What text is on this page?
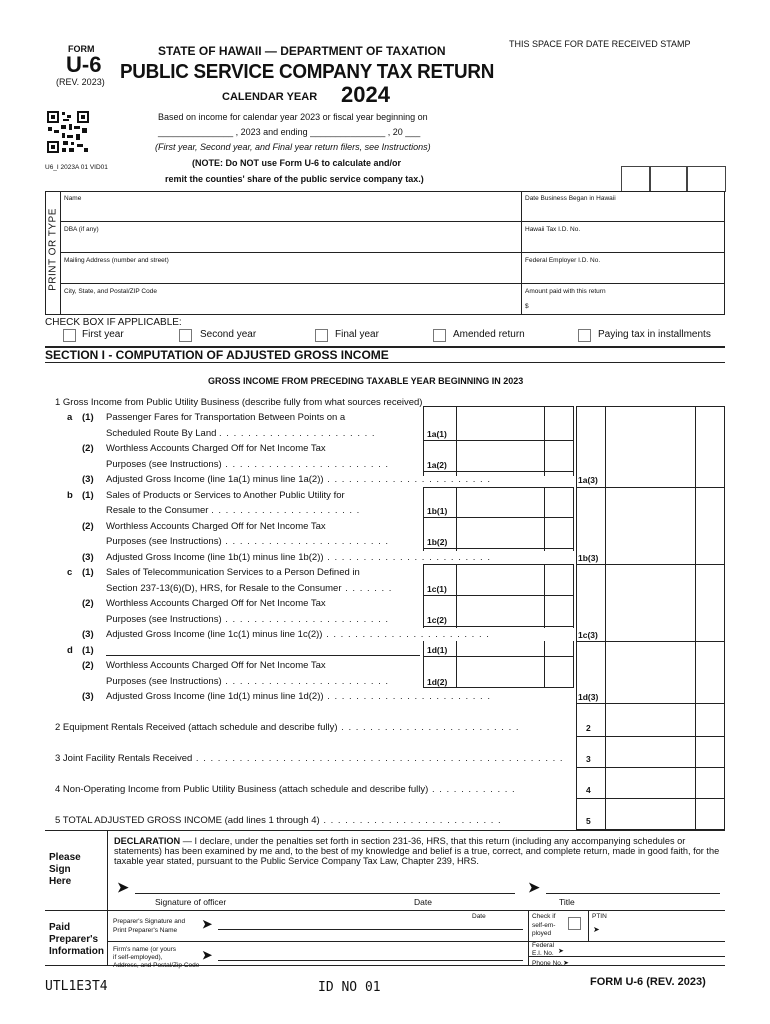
FORM
U-6
(REV. 2023)
STATE OF HAWAII — DEPARTMENT OF TAXATION
PUBLIC SERVICE COMPANY TAX RETURN
CALENDAR YEAR 2024
Based on income for calendar year 2023 or fiscal year beginning on
_______________ , 2023 and ending _______________ , 20 ___
(First year, Second year, and Final year return filers, see Instructions)
(NOTE: Do NOT use Form U-6 to calculate and/or
remit the counties' share of the public service company tax.)
U6_I 2023A 01 VID01
THIS SPACE FOR DATE RECEIVED STAMP
PRINT OR TYPE
Name	Date Business Began in Hawaii
DBA (if any)	Hawaii Tax I.D. No.
Mailing Address (number and street)	Federal Employer I.D. No.
City, State, and Postal/ZIP Code	Amount paid with this return
$
CHECK BOX IF APPLICABLE:
First year	Second year	Final year	Amended return	Paying tax in installments
SECTION I - COMPUTATION OF ADJUSTED GROSS INCOME
GROSS INCOME FROM PRECEDING TAXABLE YEAR BEGINNING IN 2023
1 Gross Income from Public Utility Business (describe fully from what sources received)
a (1) Passenger Fares for Transportation Between Points on a
Scheduled Route By Land . . . . . . . . . . . . . . . . . . . . . .	1a(1)
(2) Worthless Accounts Charged Off for Net Income Tax
Purposes (see Instructions) . . . . . . . . . . . . . . . . . . . . . . .	1a(2)
(3) Adjusted Gross Income (line 1a(1) minus line 1a(2)) . . . . . . . . . . . . . . . . . . . . . . .	1a(3)
b (1) Sales of Products or Services to Another Public Utility for
Resale to the Consumer . . . . . . . . . . . . . . . . . . . . .	1b(1)
(2) Worthless Accounts Charged Off for Net Income Tax
Purposes (see Instructions) . . . . . . . . . . . . . . . . . . . . . . .	1b(2)
(3) Adjusted Gross Income (line 1b(1) minus line 1b(2)) . . . . . . . . . . . . . . . . . . . . . . .	1b(3)
c (1) Sales of Telecommunication Services to a Person Defined in
Section 237-13(6)(D), HRS, for Resale to the Consumer . . . . . . .	1c(1)
(2) Worthless Accounts Charged Off for Net Income Tax
Purposes (see Instructions) . . . . . . . . . . . . . . . . . . . . . . .	1c(2)
(3) Adjusted Gross Income (line 1c(1) minus line 1c(2)) . . . . . . . . . . . . . . . . . . . . . . .	1c(3)
d (1)	1d(1)
(2) Worthless Accounts Charged Off for Net Income Tax
Purposes (see Instructions) . . . . . . . . . . . . . . . . . . . . . . .	1d(2)
(3) Adjusted Gross Income (line 1d(1) minus line 1d(2)) . . . . . . . . . . . . . . . . . . . . . . .	1d(3)
2 Equipment Rentals Received (attach schedule and describe fully) . . . . . . . . . . . . . . . . . . . . . . . . .	2
3 Joint Facility Rentals Received . . . . . . . . . . . . . . . . . . . . . . . . . . . . . . . . . . . . . . . . . . . . . . . . . . .	3
4 Non-Operating Income from Public Utility Business (attach schedule and describe fully) . . . . . . . . . . . .	4
5 TOTAL ADJUSTED GROSS INCOME (add lines 1 through 4) . . . . . . . . . . . . . . . . . . . . . . . . .	5
Please
Sign
Here
DECLARATION — I declare, under the penalties set forth in section 231-36, HRS, that this return (including any accompanying schedules or statements) has been examined by me and, to the best of my knowledge and belief is a true, correct, and complete return, made in good faith, for the taxable year stated, pursuant to the Public Service Company Tax Law, Chapter 239, HRS.
➤	➤
Signature of officer	Date	Title
Paid
Preparer's
Information
Preparer's Signature and
Print Preparer's Name	➤
Date	Check if
self-em-
ployed
PTIN
➤
Firm's name (or yours
if self-employed),
Address, and Postal/Zip Code
➤
Federal
E.I. No. ➤
Phone No. ➤
UTL1E3T4	ID NO 01	FORM U-6 (REV. 2023)
